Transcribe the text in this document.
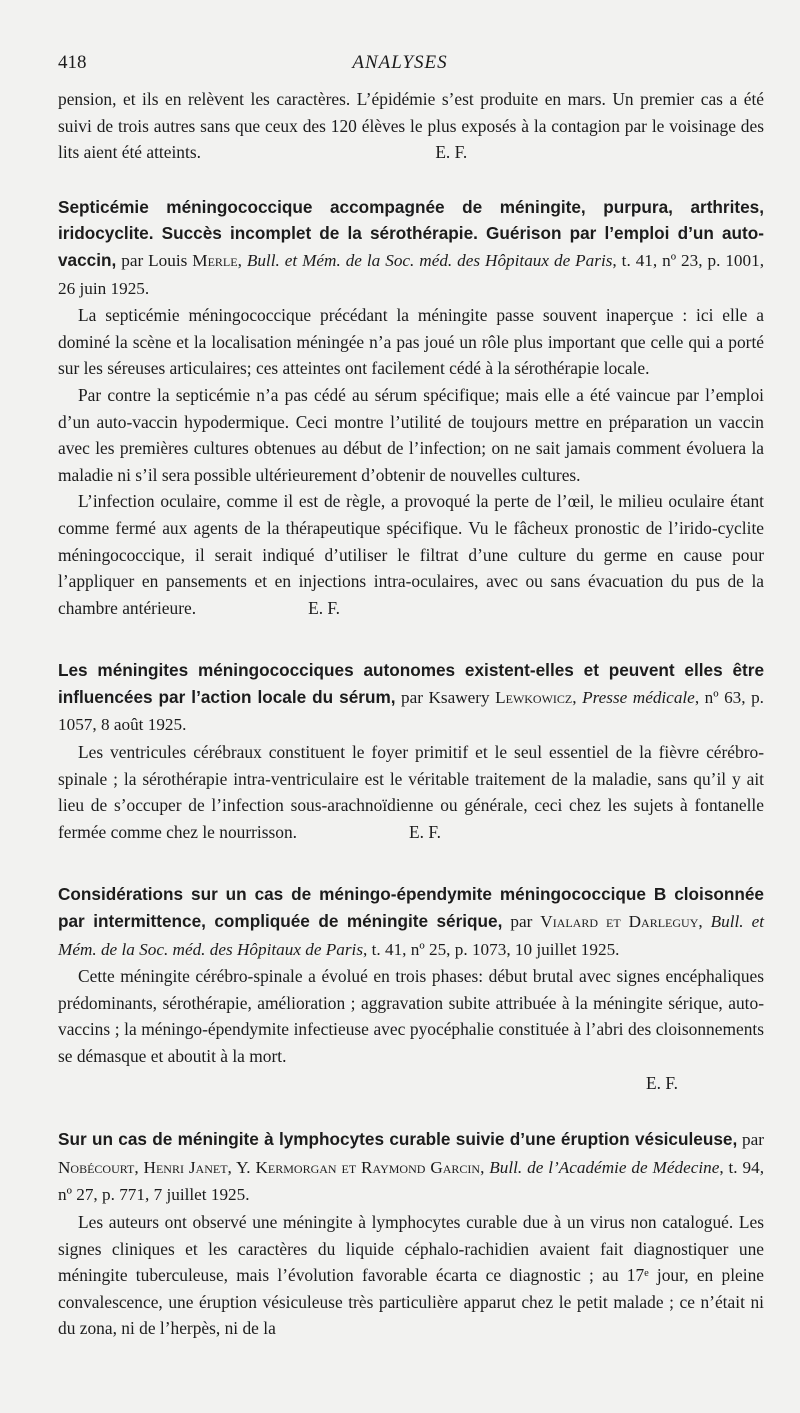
418	ANALYSES

pension, et ils en relèvent les caractères. L’épidémie s’est produite en mars. Un premier cas a été suivi de trois autres sans que ceux des 120 élèves le plus exposés à la contagion par le voisinage des lits aient été atteints.	E. F.

Septicémie méningococcique accompagnée de méningite, purpura, arthrites, iridocyclite. Succès incomplet de la sérothérapie. Guérison par l’emploi d’un auto-vaccin, par Louis Merle, Bull. et Mém. de la Soc. méd. des Hôpitaux de Paris, t. 41, nº 23, p. 1001, 26 juin 1925.

La septicémie méningococcique précédant la méningite passe souvent inaperçue : ici elle a dominé la scène et la localisation méningée n’a pas joué un rôle plus important que celle qui a porté sur les séreuses articulaires; ces atteintes ont facilement cédé à la sérothérapie locale.

Par contre la septicémie n’a pas cédé au sérum spécifique; mais elle a été vaincue par l’emploi d’un auto-vaccin hypodermique. Ceci montre l’utilité de toujours mettre en préparation un vaccin avec les premières cultures obtenues au début de l’infection; on ne sait jamais comment évoluera la maladie ni s’il sera possible ultérieurement d’obtenir de nouvelles cultures.

L’infection oculaire, comme il est de règle, a provoqué la perte de l’œil, le milieu oculaire étant comme fermé aux agents de la thérapeutique spécifique. Vu le fâcheux pronostic de l’irido-cyclite méningococcique, il serait indiqué d’utiliser le filtrat d’une culture du germe en cause pour l’appliquer en pansements et en injections intra-oculaires, avec ou sans évacuation du pus de la chambre antérieure.	E. F.

Les méningites méningococciques autonomes existent-elles et peuvent elles être influencées par l’action locale du sérum, par Ksawery Lewkowicz, Presse médicale, nº 63, p. 1057, 8 août 1925.

Les ventricules cérébraux constituent le foyer primitif et le seul essentiel de la fièvre cérébro-spinale ; la sérothérapie intra-ventriculaire est le véritable traitement de la maladie, sans qu’il y ait lieu de s’occuper de l’infection sous-arachnoïdienne ou générale, ceci chez les sujets à fontanelle fermée comme chez le nourrisson.	E. F.

Considérations sur un cas de méningo-épendymite méningococcique B cloisonnée par intermittence, compliquée de méningite sérique, par Vialard et Darleguy, Bull. et Mém. de la Soc. méd. des Hôpitaux de Paris, t. 41, nº 25, p. 1073, 10 juillet 1925.

Cette méningite cérébro-spinale a évolué en trois phases: début brutal avec signes encéphaliques prédominants, sérothérapie, amélioration ; aggravation subite attribuée à la méningite sérique, auto-vaccins ; la méningo-épendymite infectieuse avec pyocéphalie constituée à l’abri des cloisonnements se démasque et aboutit à la mort.

E. F.

Sur un cas de méningite à lymphocytes curable suivie d’une éruption vésiculeuse, par Nobécourt, Henri Janet, Y. Kermorgan et Raymond Garcin, Bull. de l’Académie de Médecine, t. 94, nº 27, p. 771, 7 juillet 1925.

Les auteurs ont observé une méningite à lymphocytes curable due à un virus non catalogué. Les signes cliniques et les caractères du liquide céphalo-rachidien avaient fait diagnostiquer une méningite tuberculeuse, mais l’évolution favorable écarta ce diagnostic ; au 17ᵉ jour, en pleine convalescence, une éruption vésiculeuse très particulière apparut chez le petit malade ; ce n’était ni du zona, ni de l’herpès, ni de la
